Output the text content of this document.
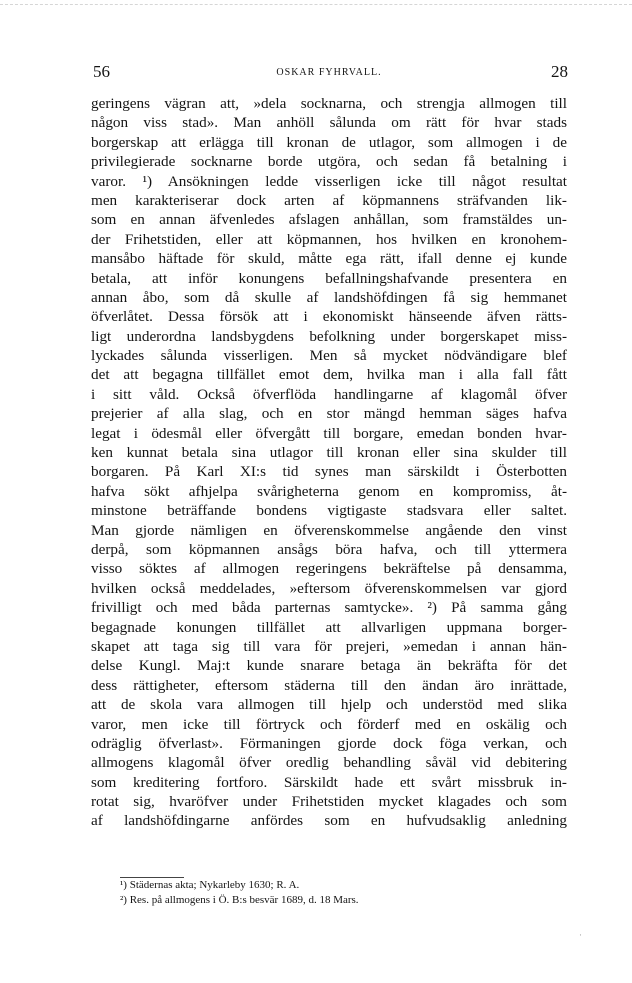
56	OSKAR FYHRVALL.	28
geringens vägran att, »dela socknarna, och strengja allmogen till
någon viss stad». Man anhöll sålunda om rätt för hvar stads
borgerskap att erlägga till kronan de utlagor, som allmogen i de
privilegierade socknarne borde utgöra, och sedan få betalning i
varor. ¹) Ansökningen ledde visserligen icke till något resultat
men karakteriserar dock arten af köpmannens sträfvanden lik-
som en annan äfvenledes afslagen anhållan, som framstäldes un-
der Frihetstiden, eller att köpmannen, hos hvilken en kronohem-
mansåbo häftade för skuld, måtte ega rätt, ifall denne ej kunde
betala, att inför konungens befallningshafvande presentera en
annan åbo, som då skulle af landshöfdingen få sig hemmanet
öfverlåtet. Dessa försök att i ekonomiskt hänseende äfven rätts-
ligt underordna landsbygdens befolkning under borgerskapet miss-
lyckades sålunda visserligen. Men så mycket nödvändigare blef
det att begagna tillfället emot dem, hvilka man i alla fall fått
i sitt våld. Också öfverflöda handlingarne af klagomål öfver
prejerier af alla slag, och en stor mängd hemman säges hafva
legat i ödesmål eller öfvergått till borgare, emedan bonden hvar-
ken kunnat betala sina utlagor till kronan eller sina skulder till
borgaren. På Karl XI:s tid synes man särskildt i Österbotten
hafva sökt afhjelpa svårigheterna genom en kompromiss, åt-
minstone beträffande bondens vigtigaste stadsvara eller saltet.
Man gjorde nämligen en öfverenskommelse angående den vinst
derpå, som köpmannen ansågs böra hafva, och till yttermera
visso söktes af allmogen regeringens bekräftelse på densamma,
hvilken också meddelades, »eftersom öfverenskommelsen var gjord
frivilligt och med båda parternas samtycke». ²) På samma gång
begagnade konungen tillfället att allvarligen uppmana borger-
skapet att taga sig till vara för prejeri, »emedan i annan hän-
delse Kungl. Maj:t kunde snarare betaga än bekräfta för det
dess rättigheter, eftersom städerna till den ändan äro inrättade,
att de skola vara allmogen till hjelp och understöd med slika
varor, men icke till förtryck och förderf med en oskälig och
odräglig öfverlast». Förmaningen gjorde dock föga verkan, och
allmogens klagomål öfver oredlig behandling såväl vid debitering
som kreditering fortforo. Särskildt hade ett svårt missbruk in-
rotat sig, hvaröfver under Frihetstiden mycket klagades och som
af landshöfdingarne anfördes som en hufvudsaklig anledning
¹) Städernas akta; Nykarleby 1630; R. A.
²) Res. på allmogens i Ö. B:s besvär 1689, d. 18 Mars.
·
